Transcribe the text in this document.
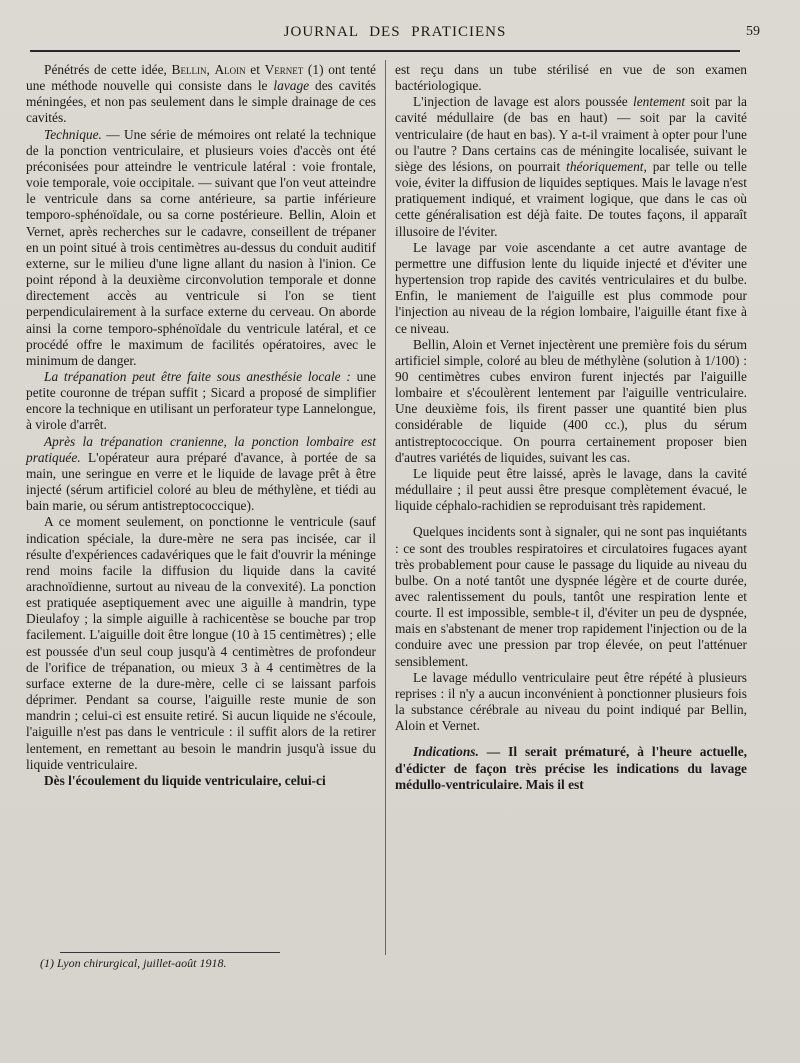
JOURNAL DES PRATICIENS	59

Pénétrés de cette idée, Bellin, Aloin et Vernet (1) ont tenté une méthode nouvelle qui consiste dans le lavage des cavités méningées, et non pas seulement dans le simple drainage de ces cavités.

Technique. — Une série de mémoires ont relaté la technique de la ponction ventriculaire, et plusieurs voies d'accès ont été préconisées pour atteindre le ventricule latéral : voie frontale, voie temporale, voie occipitale. — suivant que l'on veut atteindre le ventricule dans sa corne antérieure, sa partie inférieure temporo-sphénoïdale, ou sa corne postérieure. Bellin, Aloin et Vernet, après recherches sur le cadavre, conseillent de trépaner en un point situé à trois centimètres au-dessus du conduit auditif externe, sur le milieu d'une ligne allant du nasion à l'inion. Ce point répond à la deuxième circonvolution temporale et donne directement accès au ventricule si l'on se tient perpendiculairement à la surface externe du cerveau. On aborde ainsi la corne temporo-sphénoïdale du ventricule latéral, et ce procédé offre le maximum de facilités opératoires, avec le minimum de danger.

La trépanation peut être faite sous anesthésie locale : une petite couronne de trépan suffit ; Sicard a proposé de simplifier encore la technique en utilisant un perforateur type Lannelongue, à virole d'arrêt.

Après la trépanation cranienne, la ponction lombaire est pratiquée. L'opérateur aura préparé d'avance, à portée de sa main, une seringue en verre et le liquide de lavage prêt à être injecté (sérum artificiel coloré au bleu de méthylène, et tiédi au bain marie, ou sérum antistreptococcique).

A ce moment seulement, on ponctionne le ventricule (sauf indication spéciale, la dure-mère ne sera pas incisée, car il résulte d'expériences cadavériques que le fait d'ouvrir la méninge rend moins facile la diffusion du liquide dans la cavité arachnoïdienne, surtout au niveau de la convexité). La ponction est pratiquée aseptiquement avec une aiguille à mandrin, type Dieulafoy ; la simple aiguille à rachicentèse se bouche par trop facilement. L'aiguille doit être longue (10 à 15 centimètres) ; elle est poussée d'un seul coup jusqu'à 4 centimètres de profondeur de l'orifice de trépanation, ou mieux 3 à 4 centimètres de la surface externe de la dure-mère, celle ci se laissant parfois déprimer. Pendant sa course, l'aiguille reste munie de son mandrin ; celui-ci est ensuite retiré. Si aucun liquide ne s'écoule, l'aiguille n'est pas dans le ventricule : il suffit alors de la retirer lentement, en remettant au besoin le mandrin jusqu'à issue du liquide ventriculaire.

Dès l'écoulement du liquide ventriculaire, celui-ci

est reçu dans un tube stérilisé en vue de son examen bactériologique.

L'injection de lavage est alors poussée lentement soit par la cavité médullaire (de bas en haut) — soit par la cavité ventriculaire (de haut en bas). Y a-t-il vraiment à opter pour l'une ou l'autre ? Dans certains cas de méningite localisée, suivant le siège des lésions, on pourrait théoriquement, par telle ou telle voie, éviter la diffusion de liquides septiques. Mais le lavage n'est pratiquement indiqué, et vraiment logique, que dans le cas où cette généralisation est déjà faite. De toutes façons, il apparaît illusoire de l'éviter.

Le lavage par voie ascendante a cet autre avantage de permettre une diffusion lente du liquide injecté et d'éviter une hypertension trop rapide des cavités ventriculaires et du bulbe. Enfin, le maniement de l'aiguille est plus commode pour l'injection au niveau de la région lombaire, l'aiguille étant fixe à ce niveau.

Bellin, Aloin et Vernet injectèrent une première fois du sérum artificiel simple, coloré au bleu de méthylène (solution à 1/100) : 90 centimètres cubes environ furent injectés par l'aiguille lombaire et s'écoulèrent lentement par l'aiguille ventriculaire. Une deuxième fois, ils firent passer une quantité bien plus considérable de liquide (400 cc.), plus du sérum antistreptococcique. On pourra certainement proposer bien d'autres variétés de liquides, suivant les cas.

Le liquide peut être laissé, après le lavage, dans la cavité médullaire ; il peut aussi être presque complètement évacué, le liquide céphalo-rachidien se reproduisant très rapidement.

Quelques incidents sont à signaler, qui ne sont pas inquiétants : ce sont des troubles respiratoires et circulatoires fugaces ayant très probablement pour cause le passage du liquide au niveau du bulbe. On a noté tantôt une dyspnée légère et de courte durée, avec ralentissement du pouls, tantôt une respiration lente et courte. Il est impossible, semble-t il, d'éviter un peu de dyspnée, mais en s'abstenant de mener trop rapidement l'injection ou de la conduire avec une pression par trop élevée, on peut l'atténuer sensiblement.

Le lavage médullo ventriculaire peut être répété à plusieurs reprises : il n'y a aucun inconvénient à ponctionner plusieurs fois la substance cérébrale au niveau du point indiqué par Bellin, Aloin et Vernet.

Indications. — Il serait prématuré, à l'heure actuelle, d'édicter de façon très précise les indications du lavage médullo-ventriculaire. Mais il est

(1) Lyon chirurgical, juillet-août 1918.
